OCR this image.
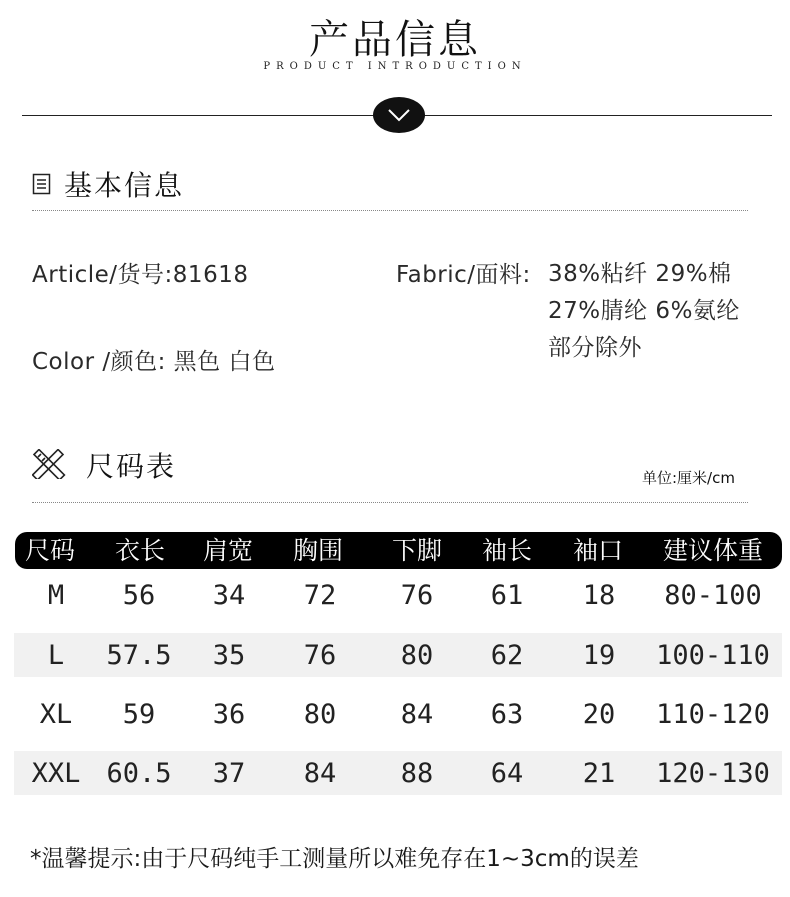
产品信息
PRODUCT INTRODUCTION
基本信息
Article/货号:81618
Color /颜色: 黑色 白色
Fabric/面料: 38%粘纤 29%棉
27%腈纶 6%氨纶
部分除外
尺码表	单位:厘米/cm
尺码 衣长 肩宽 胸围 下脚 袖长 袖口 建议体重
M 56 34 72 76 61 18 80-100
L 57.5 35 76 80 62 19 100-110
XL 59 36 80 84 63 20 110-120
XXL 60.5 37 84 88 64 21 120-130
*温馨提示:由于尺码纯手工测量所以难免存在1~3cm的误差
